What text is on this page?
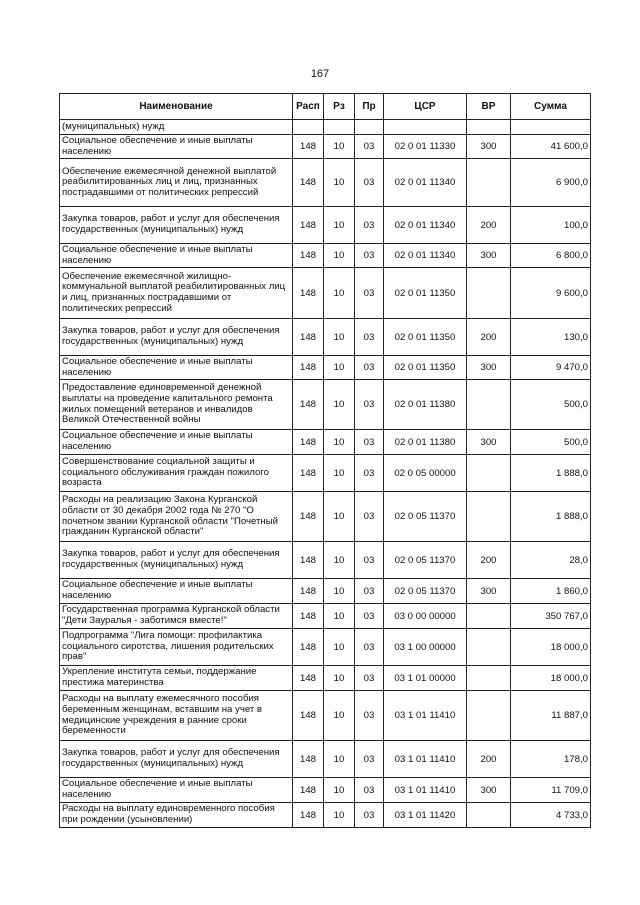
167
Наименование	Расп	Рз	Пр	ЦСР	ВР	Сумма
(муниципальных) нужд						
Социальное обеспечение и иные выплаты населению	148	10	03	02 0 01 11330	300	41 600,0
Обеспечение ежемесячной денежной выплатой реабилитированных лиц и лиц, признанных пострадавшими от политических репрессий	148	10	03	02 0 01 11340		6 900,0
Закупка товаров, работ и услуг для обеспечения государственных (муниципальных) нужд	148	10	03	02 0 01 11340	200	100,0
Социальное обеспечение и иные выплаты населению	148	10	03	02 0 01 11340	300	6 800,0
Обеспечение ежемесячной жилищно-коммунальной выплатой реабилитированных лиц и лиц, признанных пострадавшими от политических репрессий	148	10	03	02 0 01 11350		9 600,0
Закупка товаров, работ и услуг для обеспечения государственных (муниципальных) нужд	148	10	03	02 0 01 11350	200	130,0
Социальное обеспечение и иные выплаты населению	148	10	03	02 0 01 11350	300	9 470,0
Предоставление единовременной денежной выплаты на проведение капитального ремонта жилых помещений ветеранов и инвалидов Великой Отечественной войны	148	10	03	02 0 01 11380		500,0
Социальное обеспечение и иные выплаты населению	148	10	03	02 0 01 11380	300	500,0
Совершенствование социальной защиты и социального обслуживания граждан пожилого возраста	148	10	03	02 0 05 00000		1 888,0
Расходы на реализацию Закона Курганской области от 30 декабря 2002 года № 270 "О почетном звании Курганской области "Почетный гражданин Курганской области"	148	10	03	02 0 05 11370		1 888,0
Закупка товаров, работ и услуг для обеспечения государственных (муниципальных) нужд	148	10	03	02 0 05 11370	200	28,0
Социальное обеспечение и иные выплаты населению	148	10	03	02 0 05 11370	300	1 860,0
Государственная программа Курганской области "Дети Зауралья - заботимся вместе!"	148	10	03	03 0 00 00000		350 767,0
Подпрограмма "Лига помощи: профилактика социального сиротства, лишения родительских прав"	148	10	03	03 1 00 00000		18 000,0
Укрепление института семьи, поддержание престижа материнства	148	10	03	03 1 01 00000		18 000,0
Расходы на выплату ежемесячного пособия беременным женщинам, вставшим на учет в медицинские учреждения в ранние сроки беременности	148	10	03	03 1 01 11410		11 887,0
Закупка товаров, работ и услуг для обеспечения государственных (муниципальных) нужд	148	10	03	03 1 01 11410	200	178,0
Социальное обеспечение и иные выплаты населению	148	10	03	03 1 01 11410	300	11 709,0
Расходы на выплату единовременного пособия при рождении (усыновлении)	148	10	03	03 1 01 11420		4 733,0
